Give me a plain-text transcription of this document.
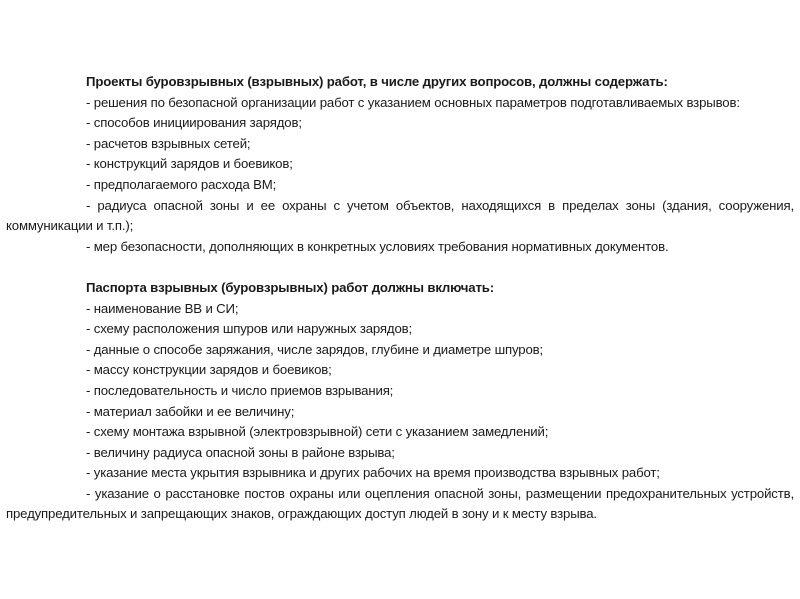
Проекты буровзрывных (взрывных) работ, в числе других вопросов, должны содержать:

- решения по безопасной организации работ с указанием основных параметров подготавливаемых взрывов:

- способов инициирования зарядов;

- расчетов взрывных сетей;

- конструкций зарядов и боевиков;

- предполагаемого расхода ВМ;

- радиуса опасной зоны и ее охраны с учетом объектов, находящихся в пределах зоны (здания, сооружения, коммуникации и т.п.);

- мер безопасности, дополняющих в конкретных условиях требования нормативных документов.

Паспорта взрывных (буровзрывных) работ должны включать:

- наименование ВВ и СИ;

- схему расположения шпуров или наружных зарядов;

- данные о способе заряжания, числе зарядов, глубине и диаметре шпуров;

- массу конструкции зарядов и боевиков;

- последовательность и число приемов взрывания;

- материал забойки и ее величину;

- схему монтажа взрывной (электровзрывной) сети с указанием замедлений;

- величину радиуса опасной зоны в районе взрыва;

- указание места укрытия взрывника и других рабочих на время производства взрывных работ;

- указание о расстановке постов охраны или оцепления опасной зоны, размещении предохранительных устройств, предупредительных и запрещающих знаков, ограждающих доступ людей в зону и к месту взрыва.
